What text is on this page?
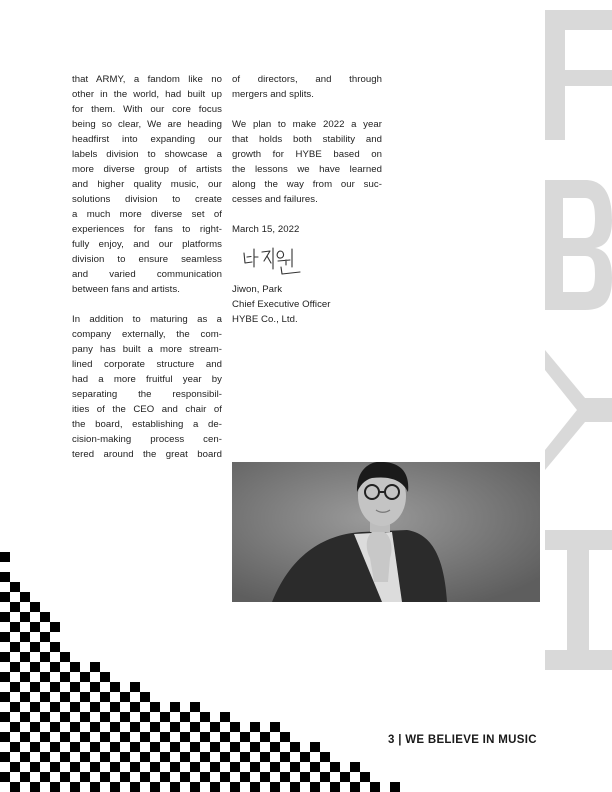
that ARMY, a fandom like no
other in the world, had built up
for them. With our core focus
being so clear, We are heading
headfirst into expanding our
labels division to showcase a
more diverse group of artists
and higher quality music, our
solutions division to create
a much more diverse set of
experiences for fans to right-
fully enjoy, and our platforms
division to ensure seamless
and varied communication
between fans and artists.
In addition to maturing as a
company externally, the com-
pany has built a more stream-
lined corporate structure and
had a more fruitful year by
separating the responsibil-
ities of the CEO and chair of
the board, establishing a de-
cision-making process cen-
tered around the great board
of directors, and through
mergers and splits.
We plan to make 2022 a year
that holds both stability and
growth for HYBE based on
the lessons we have learned
along the way from our suc-
cesses and failures.
March 15, 2022
Jiwon, Park
Chief Executive Officer
HYBE Co., Ltd.
3 | WE BELIEVE IN MUSIC
